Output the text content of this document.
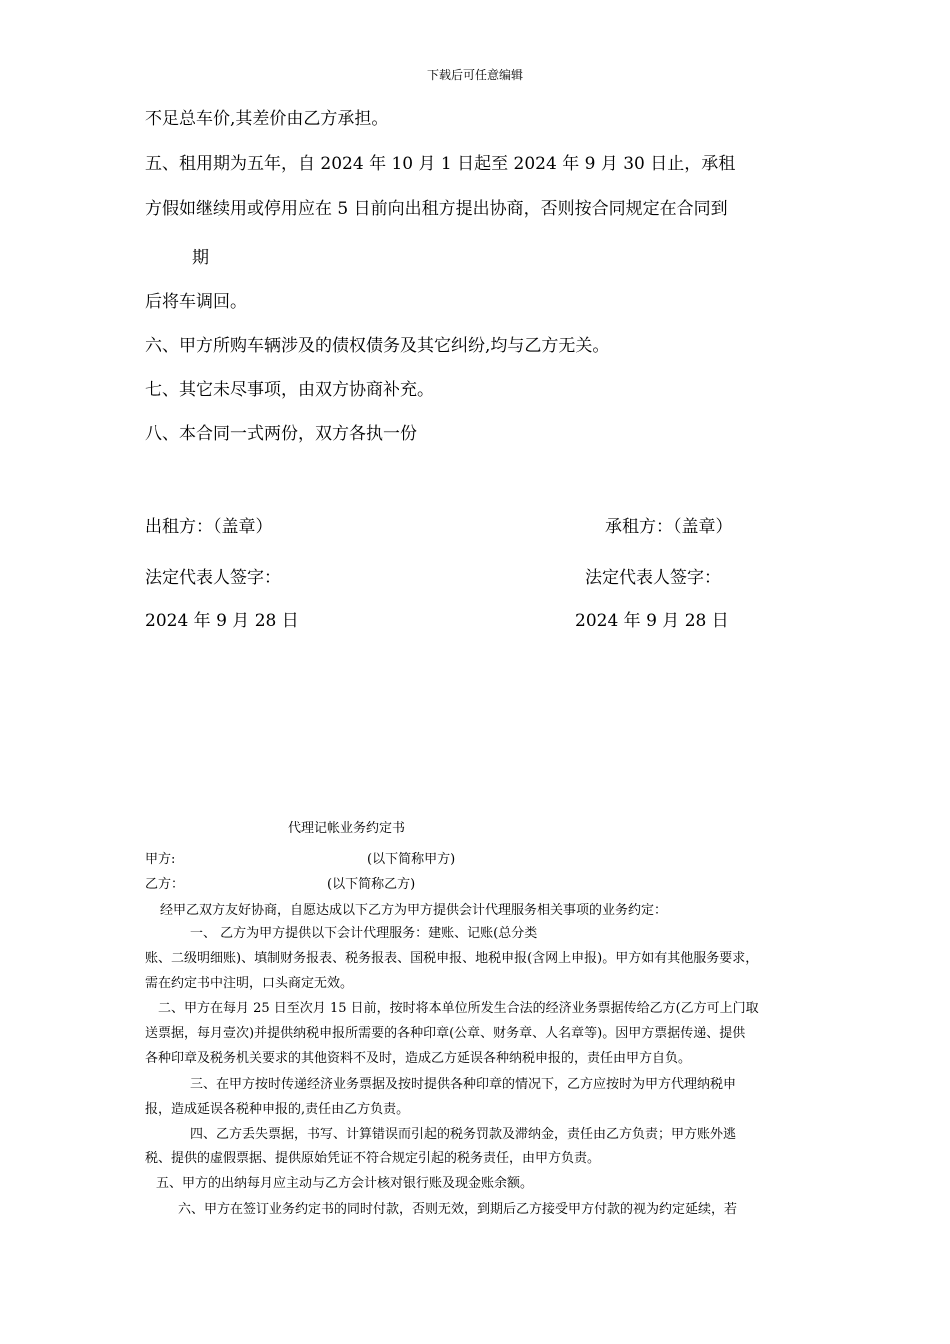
下载后可任意编辑
不足总车价,其差价由乙方承担。
五、租用期为五年，自 2024 年 10 月 1 日起至 2024 年 9 月 30 日止，承租
方假如继续用或停用应在 5 日前向出租方提出协商，否则按合同规定在合同到
期
后将车调回。
六、甲方所购车辆涉及的债权债务及其它纠纷,均与乙方无关。
七、其它未尽事项，由双方协商补充。
八、本合同一式两份，双方各执一份
出租方：（盖章）	承租方：（盖章）
法定代表人签字：	法定代表人签字：
2024 年 9 月 28 日	2024 年 9 月 28 日
代理记帐业务约定书
甲方:	(以下简称甲方)
乙方：	(以下简称乙方)
经甲乙双方友好协商，自愿达成以下乙方为甲方提供会计代理服务相关事项的业务约定：
一、 乙方为甲方提供以下会计代理服务：建账、记账(总分类
账、二级明细账)、填制财务报表、税务报表、国税申报、地税申报(含网上申报)。甲方如有其他服务要求，
需在约定书中注明，口头商定无效。
二、甲方在每月 25 日至次月 15 日前，按时将本单位所发生合法的经济业务票据传给乙方(乙方可上门取
送票据，每月壹次)并提供纳税申报所需要的各种印章(公章、财务章、人名章等)。因甲方票据传递、提供
各种印章及税务机关要求的其他资料不及时，造成乙方延误各种纳税申报的，责任由甲方自负。
三、在甲方按时传递经济业务票据及按时提供各种印章的情况下，乙方应按时为甲方代理纳税申
报，造成延误各税种申报的,责任由乙方负责。
四、乙方丢失票据，书写、计算错误而引起的税务罚款及滞纳金，责任由乙方负责；甲方账外逃
税、提供的虚假票据、提供原始凭证不符合规定引起的税务责任，由甲方负责。
五、甲方的出纳每月应主动与乙方会计核对银行账及现金账余额。
六、甲方在签订业务约定书的同时付款，否则无效，到期后乙方接受甲方付款的视为约定延续，若
